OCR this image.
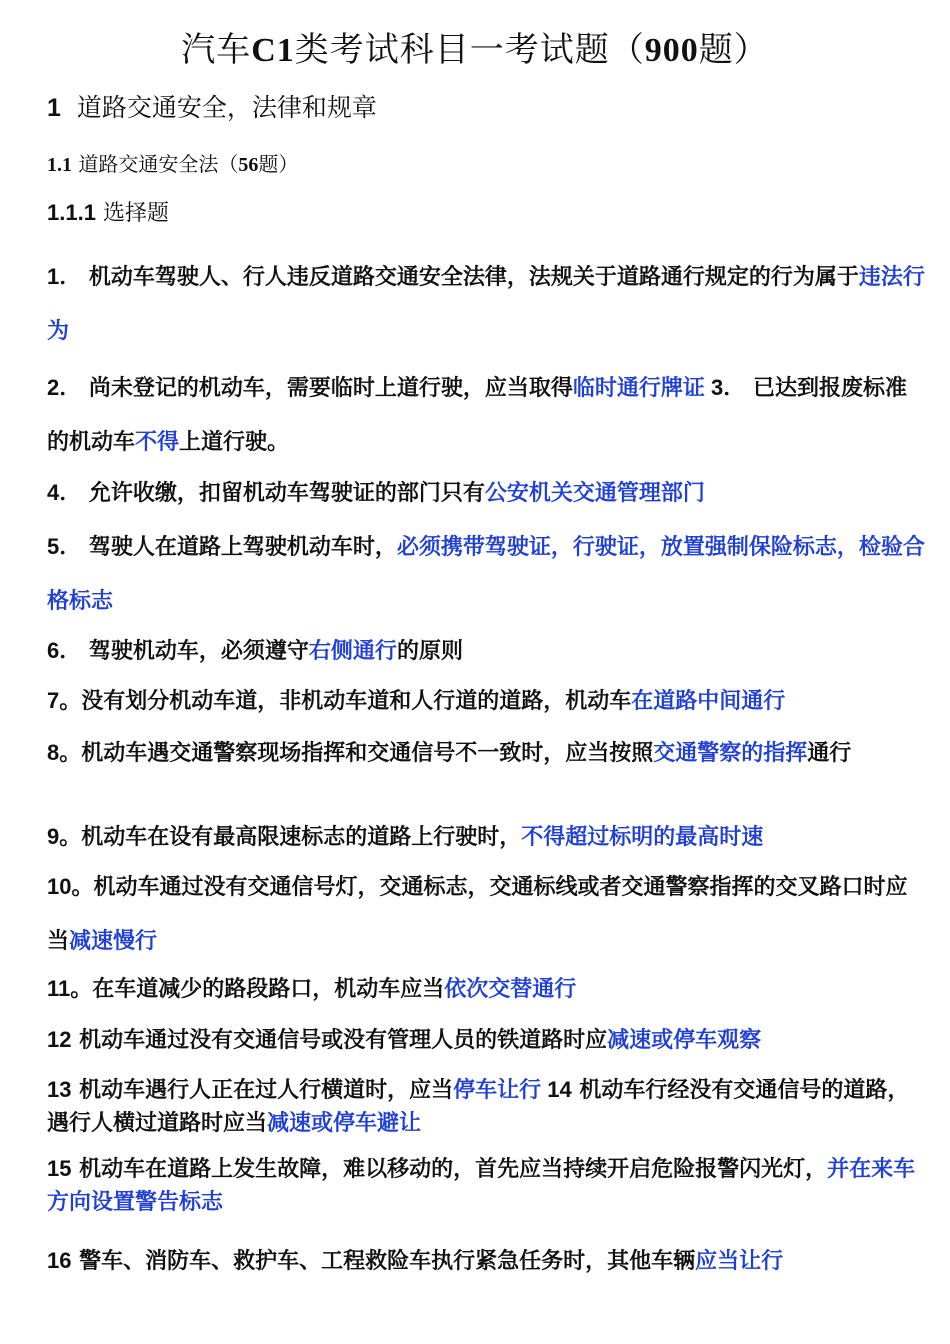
汽车C1类考试科目一考试题（900题）
1 道路交通安全，法律和规章
1.1 道路交通安全法（56题）
1.1.1 选择题
1． 机动车驾驶人、行人违反道路交通安全法律，法规关于道路通行规定的行为属于违法行为
2． 尚未登记的机动车，需要临时上道行驶，应当取得临时通行牌证 3． 已达到报废标准的机动车不得上道行驶。
4． 允许收缴，扣留机动车驾驶证的部门只有公安机关交通管理部门
5． 驾驶人在道路上驾驶机动车时，必须携带驾驶证，行驶证，放置强制保险标志，检验合格标志
6． 驾驶机动车，必须遵守右侧通行的原则
7。没有划分机动车道，非机动车道和人行道的道路，机动车在道路中间通行
8。机动车遇交通警察现场指挥和交通信号不一致时，应当按照交通警察的指挥通行
9。机动车在设有最高限速标志的道路上行驶时，不得超过标明的最高时速
10。机动车通过没有交通信号灯，交通标志，交通标线或者交通警察指挥的交叉路口时应当减速慢行
11。在车道减少的路段路口，机动车应当依次交替通行
12 机动车通过没有交通信号或没有管理人员的铁道路时应减速或停车观察
13 机动车遇行人正在过人行横道时，应当停车让行 14 机动车行经没有交通信号的道路，遇行人横过道路时应当减速或停车避让
15 机动车在道路上发生故障，难以移动的，首先应当持续开启危险报警闪光灯，并在来车方向设置警告标志
16 警车、消防车、救护车、工程救险车执行紧急任务时，其他车辆应当让行
